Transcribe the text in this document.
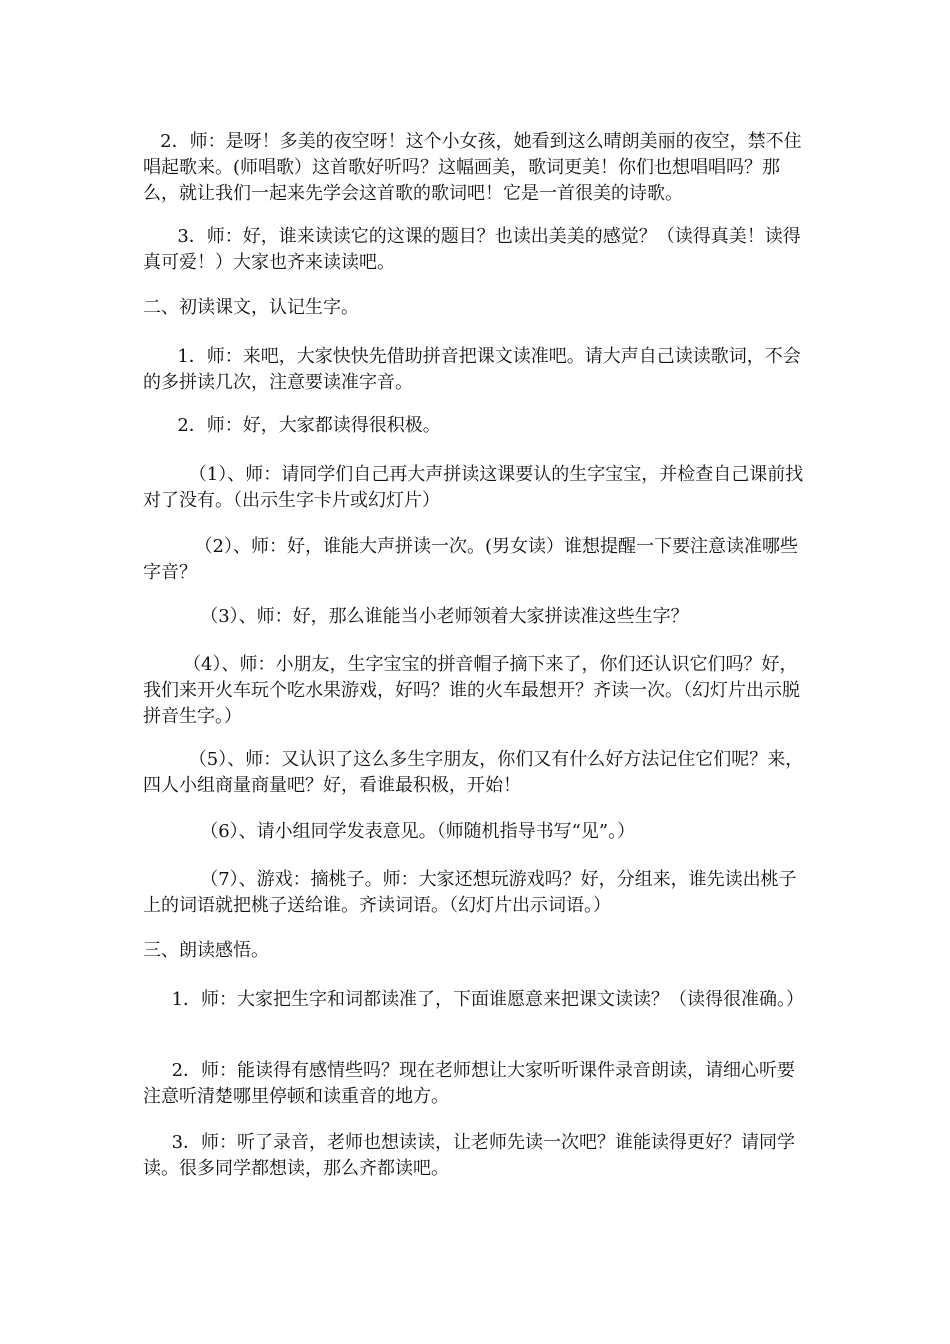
2．师：是呀！多美的夜空呀！这个小女孩，她看到这么晴朗美丽的夜空，禁不住唱起歌来。(师唱歌）这首歌好听吗？这幅画美，歌词更美！你们也想唱唱吗？那么，就让我们一起来先学会这首歌的歌词吧！它是一首很美的诗歌。

3．师：好，谁来读读它的这课的题目？也读出美美的感觉？（读得真美！读得真可爱！）大家也齐来读读吧。

二、初读课文，认记生字。

1．师：来吧，大家快快先借助拼音把课文读准吧。请大声自己读读歌词，不会的多拼读几次，注意要读准字音。

2．师：好，大家都读得很积极。

（1）、师：请同学们自己再大声拼读这课要认的生字宝宝，并检查自己课前找对了没有。（出示生字卡片或幻灯片）

（2）、师：好，谁能大声拼读一次。(男女读）谁想提醒一下要注意读准哪些字音？

（3）、师：好，那么谁能当小老师领着大家拼读准这些生字？

（4）、师：小朋友，生字宝宝的拼音帽子摘下来了，你们还认识它们吗？好，我们来开火车玩个吃水果游戏，好吗？谁的火车最想开？齐读一次。（幻灯片出示脱拼音生字。）

（5）、师：又认识了这么多生字朋友，你们又有什么好方法记住它们呢？来，四人小组商量商量吧？好，看谁最积极，开始！

（6）、请小组同学发表意见。（师随机指导书写“见”。）

（7）、游戏：摘桃子。师：大家还想玩游戏吗？好，分组来，谁先读出桃子上的词语就把桃子送给谁。齐读词语。（幻灯片出示词语。）

三、朗读感悟。

1．师：大家把生字和词都读准了，下面谁愿意来把课文读读？（读得很准确。）

2．师：能读得有感情些吗？现在老师想让大家听听课件录音朗读，请细心听要注意听清楚哪里停顿和读重音的地方。

3．师：听了录音，老师也想读读，让老师先读一次吧？谁能读得更好？请同学读。很多同学都想读，那么齐都读吧。
